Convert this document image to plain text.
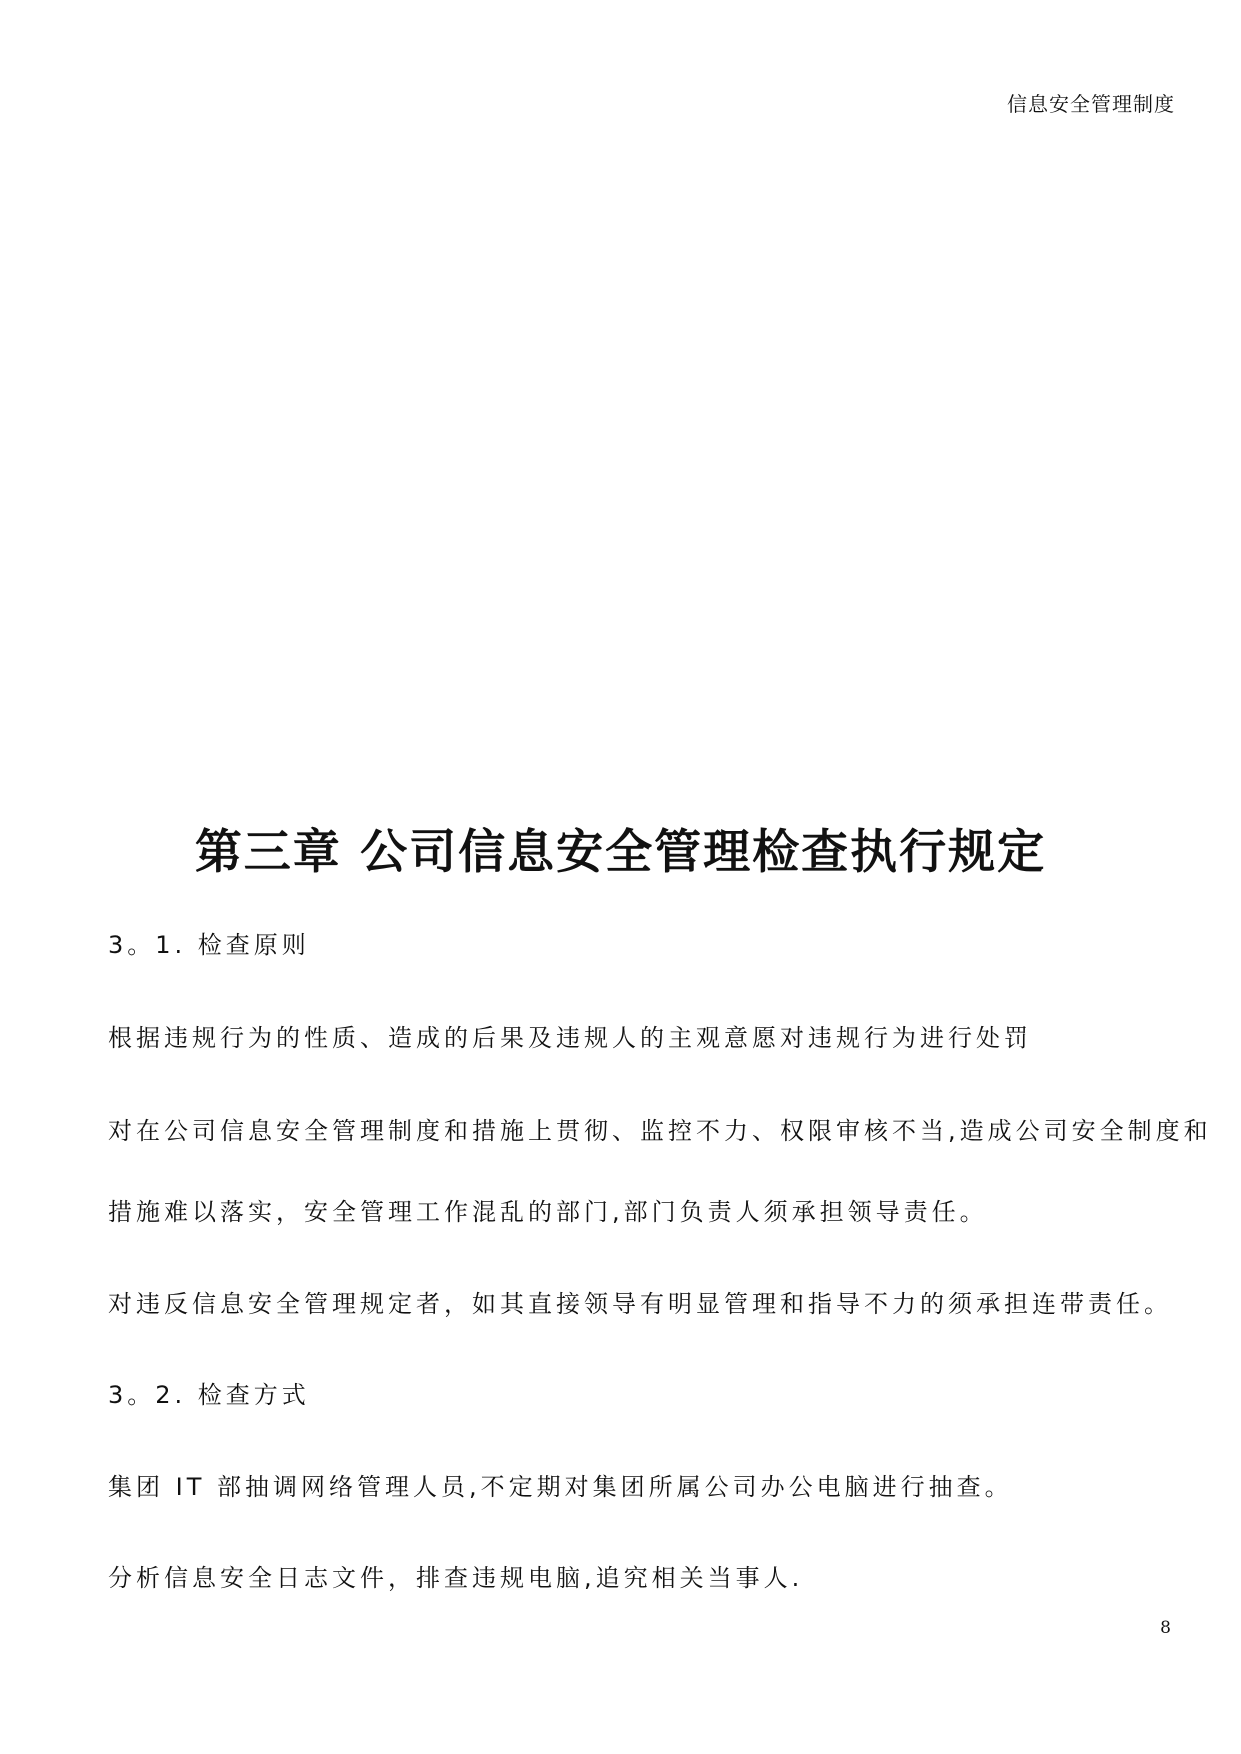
信息安全管理制度
第三章 公司信息安全管理检查执行规定
3。1. 检查原则
根据违规行为的性质、造成的后果及违规人的主观意愿对违规行为进行处罚
对在公司信息安全管理制度和措施上贯彻、监控不力、权限审核不当,造成公司安全制度和
措施难以落实，安全管理工作混乱的部门,部门负责人须承担领导责任。
对违反信息安全管理规定者，如其直接领导有明显管理和指导不力的须承担连带责任。
3。2. 检查方式
集团 IT 部抽调网络管理人员,不定期对集团所属公司办公电脑进行抽查。
分析信息安全日志文件，排查违规电脑,追究相关当事人.
8
